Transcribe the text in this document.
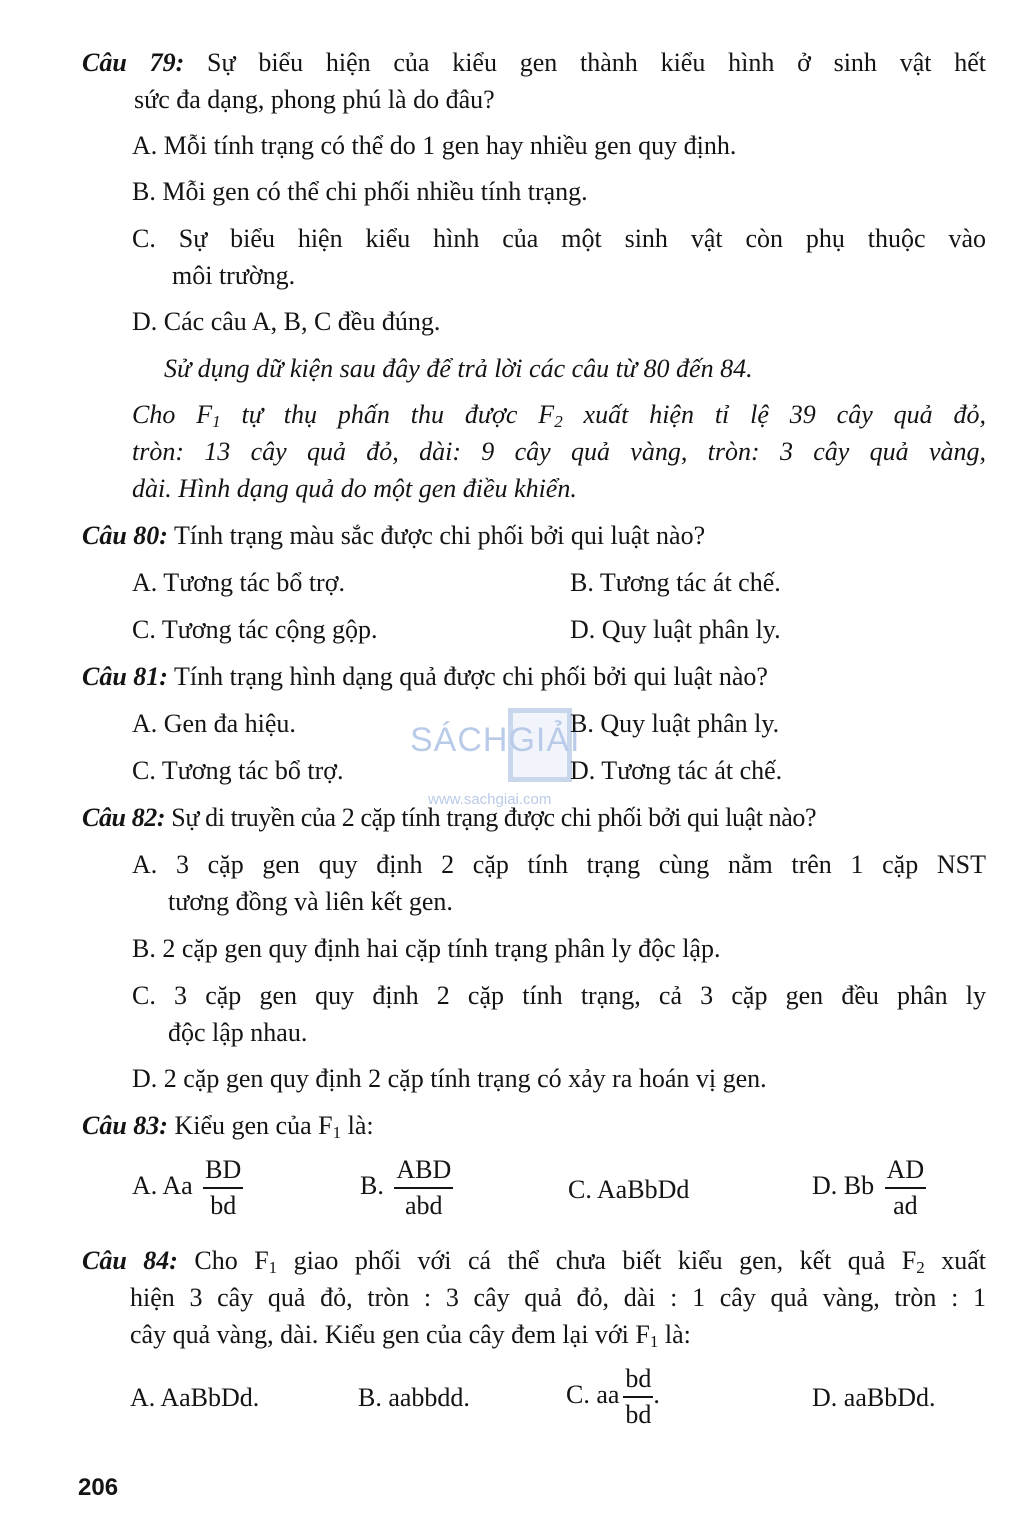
SÁCHGIẢI
www.sachgiai.com
Câu 79: Sự biểu hiện của kiểu gen thành kiểu hình ở sinh vật hết
sức đa dạng, phong phú là do đâu?
A. Mỗi tính trạng có thể do 1 gen hay nhiều gen quy định.
B. Mỗi gen có thể chi phối nhiều tính trạng.
C. Sự biểu hiện kiểu hình của một sinh vật còn phụ thuộc vào
môi trường.
D. Các câu A, B, C đều đúng.
Sử dụng dữ kiện sau đây để trả lời các câu từ 80 đến 84.
Cho $F_1$ tự thụ phấn thu được $F_2$ xuất hiện tỉ lệ 39 cây quả đỏ,
tròn: 13 cây quả đỏ, dài: 9 cây quả vàng, tròn: 3 cây quả vàng,
dài. Hình dạng quả do một gen điều khiển.
Câu 80: Tính trạng màu sắc được chi phối bởi qui luật nào?
A. Tương tác bổ trợ.	B. Tương tác át chế.
C. Tương tác cộng gộp.	D. Quy luật phân ly.
Câu 81: Tính trạng hình dạng quả được chi phối bởi qui luật nào?
A. Gen đa hiệu.	B. Quy luật phân ly.
C. Tương tác bổ trợ.	D. Tương tác át chế.
Câu 82: Sự di truyền của 2 cặp tính trạng được chi phối bởi qui luật nào?
A. 3 cặp gen quy định 2 cặp tính trạng cùng nằm trên 1 cặp NST
tương đồng và liên kết gen.
B. 2 cặp gen quy định hai cặp tính trạng phân ly độc lập.
C. 3 cặp gen quy định 2 cặp tính trạng, cả 3 cặp gen đều phân ly
độc lập nhau.
D. 2 cặp gen quy định 2 cặp tính trạng có xảy ra hoán vị gen.
Câu 83: Kiểu gen của $F_1$ là:
A. Aa $\frac{BD}{bd}$	B. $\frac{\text{ABD}}{\text{abd}}$	C. AaBbDd	D. Bb $\frac{AD}{ad}$
Câu 84: Cho $F_1$ giao phối với cá thể chưa biết kiểu gen, kết quả $F_2$ xuất
hiện 3 cây quả đỏ, tròn : 3 cây quả đỏ, dài : 1 cây quả vàng, tròn : 1
cây quả vàng, dài. Kiểu gen của cây đem lại với $F_1$ là:
A. AaBbDd.	B. aabbdd.	C. aa $\frac{bd}{bd}$ .	D. aaBbDd.
206
